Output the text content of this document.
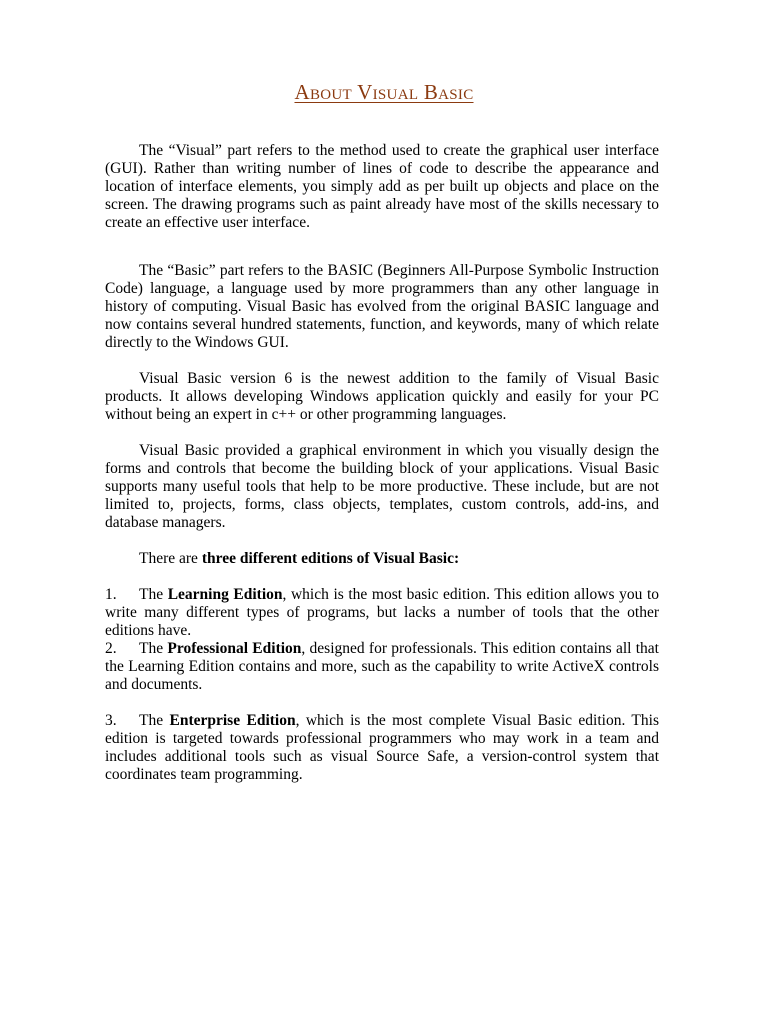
About Visual Basic

The “Visual” part refers to the method used to create the graphical user interface (GUI). Rather than writing number of lines of code to describe the appearance and location of interface elements, you simply add as per built up objects and place on the screen. The drawing programs such as paint already have most of the skills necessary to create an effective user interface.

The “Basic” part refers to the BASIC (Beginners All-Purpose Symbolic Instruction Code) language, a language used by more programmers than any other language in history of computing. Visual Basic has evolved from the original BASIC language and now contains several hundred statements, function, and keywords, many of which relate directly to the Windows GUI.

Visual Basic version 6 is the newest addition to the family of Visual Basic products. It allows developing Windows application quickly and easily for your PC without being an expert in c++ or other programming languages.

Visual Basic provided a graphical environment in which you visually design the forms and controls that become the building block of your applications. Visual Basic supports many useful tools that help to be more productive. These include, but are not limited to, projects, forms, class objects, templates, custom controls, add-ins, and database managers.

There are three different editions of Visual Basic:

1. The Learning Edition, which is the most basic edition. This edition allows you to write many different types of programs, but lacks a number of tools that the other editions have.

2. The Professional Edition, designed for professionals. This edition contains all that the Learning Edition contains and more, such as the capability to write ActiveX controls and documents.

3. The Enterprise Edition, which is the most complete Visual Basic edition. This edition is targeted towards professional programmers who may work in a team and includes additional tools such as visual Source Safe, a version-control system that coordinates team programming.
